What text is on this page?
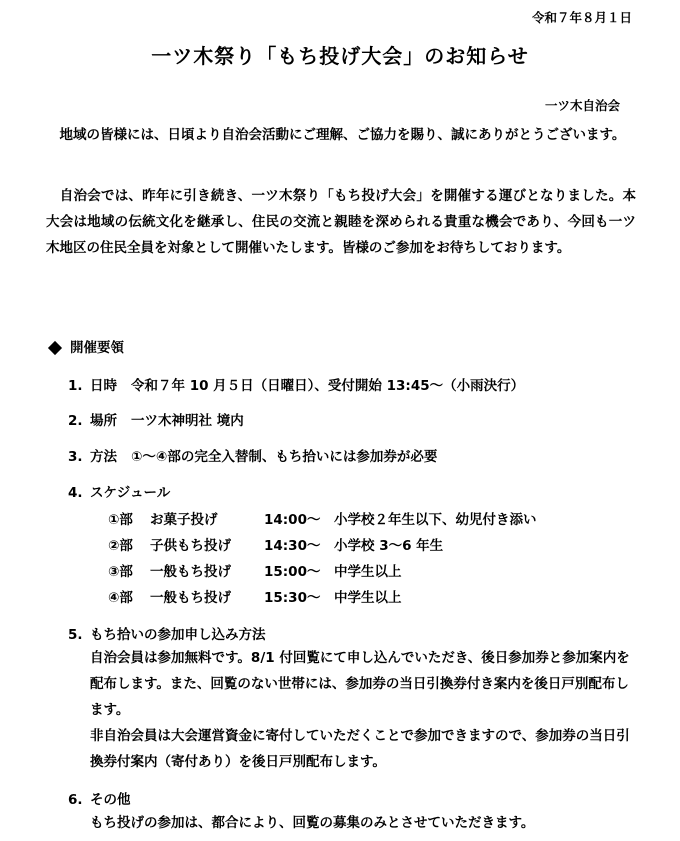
令和７年８月１日
一ツ木祭り「もち投げ大会」のお知らせ
一ツ木自治会
 地域の皆様には、日頃より自治会活動にご理解、ご協力を賜り、誠にありがとうございます。
 自治会では、昨年に引き続き、一ツ木祭り「もち投げ大会」を開催する運びとなりました。本大会は地域の伝統文化を継承し、住民の交流と親睦を深められる貴重な機会であり、今回も一ツ木地区の住民全員を対象として開催いたします。皆様のご参加をお待ちしております。
開催要領
1. 日時 令和７年 10 月５日（日曜日）、受付開始 13:45～（小雨決行）
2. 場所 一ツ木神明社 境内
3. 方法 ①～④部の完全入替制、もち拾いには参加券が必要
4. スケジュール
①部 お菓子投げ	14:00～ 小学校２年生以下、幼児付き添い
②部 子供もち投げ 14:30～ 小学校 3～6 年生
③部 一般もち投げ 15:00～ 中学生以上
④部 一般もち投げ 15:30～ 中学生以上
5. もち拾いの参加申し込み方法
自治会員は参加無料です。8/1 付回覧にて申し込んでいただき、後日参加券と参加案内を配布します。また、回覧のない世帯には、参加券の当日引換券付き案内を後日戸別配布します。
非自治会員は大会運営資金に寄付していただくことで参加できますので、参加券の当日引換券付案内（寄付あり）を後日戸別配布します。
6. その他
もち投げの参加は、都合により、回覧の募集のみとさせていただきます。
